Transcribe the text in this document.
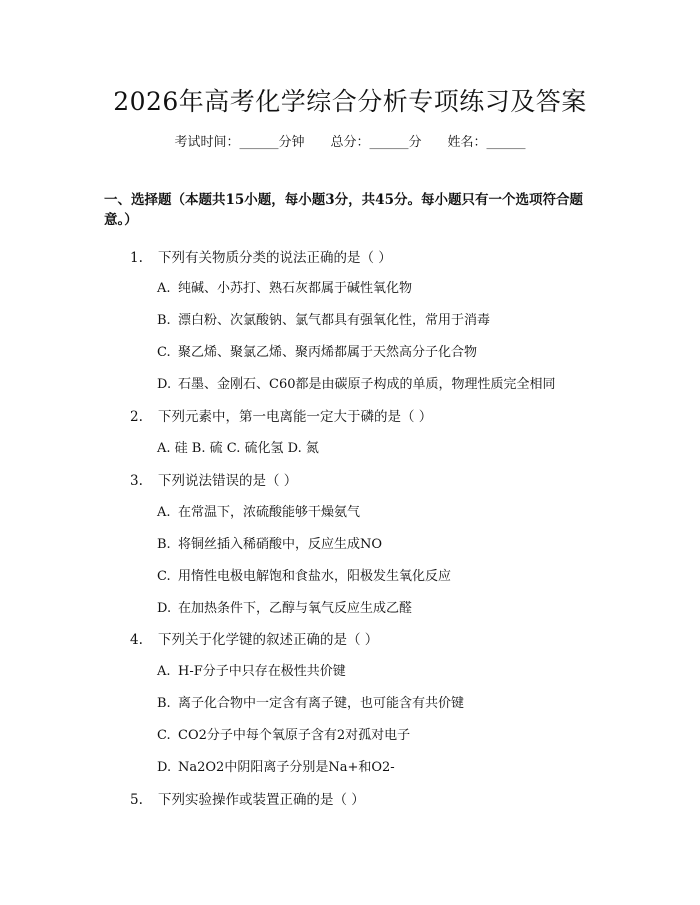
2026年高考化学综合分析专项练习及答案
考试时间：______分钟 总分：______分 姓名：______
一、选择题（本题共15小题，每小题3分，共45分。每小题只有一个选项符合题意。）
1. 下列有关物质分类的说法正确的是（ ）
A. 纯碱、小苏打、熟石灰都属于碱性氧化物
B. 漂白粉、次氯酸钠、氯气都具有强氧化性，常用于消毒
C. 聚乙烯、聚氯乙烯、聚丙烯都属于天然高分子化合物
D. 石墨、金刚石、C60都是由碳原子构成的单质，物理性质完全相同
2. 下列元素中，第一电离能一定大于磷的是（ ）
A. 硅 B. 硫 C. 硫化氢 D. 氮
3. 下列说法错误的是（ ）
A. 在常温下，浓硫酸能够干燥氨气
B. 将铜丝插入稀硝酸中，反应生成NO
C. 用惰性电极电解饱和食盐水，阳极发生氧化反应
D. 在加热条件下，乙醇与氧气反应生成乙醛
4. 下列关于化学键的叙述正确的是（ ）
A. H-F分子中只存在极性共价键
B. 离子化合物中一定含有离子键，也可能含有共价键
C. CO2分子中每个氧原子含有2对孤对电子
D. Na2O2中阴阳离子分别是Na+和O2-
5. 下列实验操作或装置正确的是（ ）
